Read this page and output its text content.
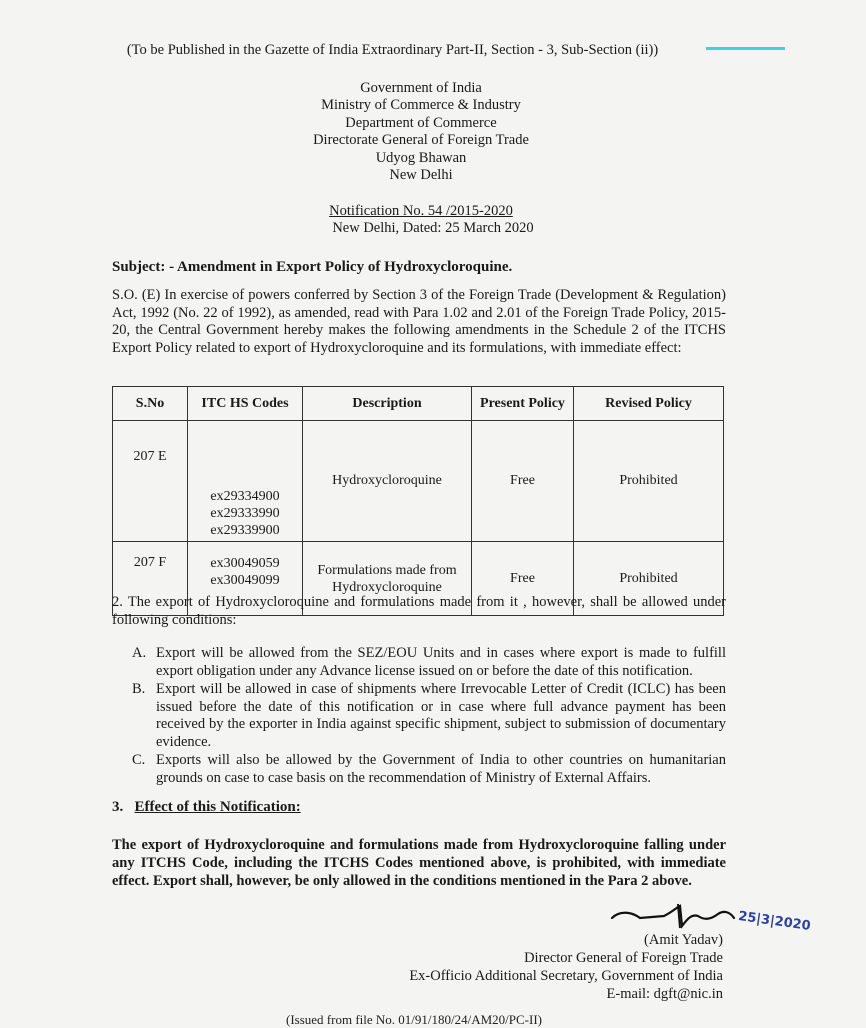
(To be Published in the Gazette of India Extraordinary Part-II, Section - 3, Sub-Section (ii))
Government of India
Ministry of Commerce & Industry
Department of Commerce
Directorate General of Foreign Trade
Udyog Bhawan
New Delhi
Notification No. 54 /2015-2020
New Delhi, Dated: 25 March 2020
Subject: - Amendment in Export Policy of Hydroxycloroquine.
S.O. (E) In exercise of powers conferred by Section 3 of the Foreign Trade (Development & Regulation) Act, 1992 (No. 22 of 1992), as amended, read with Para 1.02 and 2.01 of the Foreign Trade Policy, 2015-20, the Central Government hereby makes the following amendments in the Schedule 2 of the ITCHS Export Policy related to export of Hydroxycloroquine and its formulations, with immediate effect:
S.No	ITC HS Codes	Description	Present Policy	Revised Policy
207 E	ex29334900
ex29333990
ex29339900	Hydroxycloroquine	Free	Prohibited
207 F	ex30049059
ex30049099	Formulations made from Hydroxycloroquine	Free	Prohibited
2. The export of Hydroxycloroquine and formulations made from it , however, shall be allowed under following conditions:
A. Export will be allowed from the SEZ/EOU Units and in cases where export is made to fulfill export obligation under any Advance license issued on or before the date of this notification.
B. Export will be allowed in case of shipments where Irrevocable Letter of Credit (ICLC) has been issued before the date of this notification or in case where full advance payment has been received by the exporter in India against specific shipment, subject to submission of documentary evidence.
C. Exports will also be allowed by the Government of India to other countries on humanitarian grounds on case to case basis on the recommendation of Ministry of External Affairs.
3. Effect of this Notification:
The export of Hydroxycloroquine and formulations made from Hydroxycloroquine falling under any ITCHS Code, including the ITCHS Codes mentioned above, is prohibited, with immediate effect. Export shall, however, be only allowed in the conditions mentioned in the Para 2 above.
(Amit Yadav)
25|3|2020
Director General of Foreign Trade
Ex-Officio Additional Secretary, Government of India
E-mail: dgft@nic.in
(Issued from file No. 01/91/180/24/AM20/PC-II)
